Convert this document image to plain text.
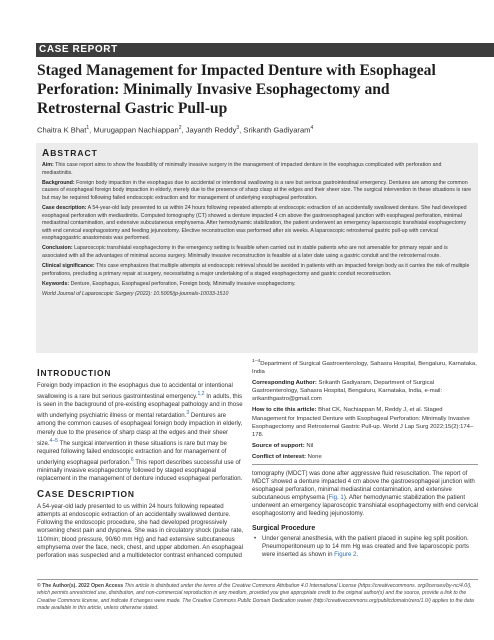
CASE REPORT
Staged Management for Impacted Denture with Esophageal
Perforation: Minimally Invasive Esophagectomy and
Retrosternal Gastric Pull-up
Chaitra K Bhat$^1$, Murugappan Nachiappan$^2$, Jayanth Reddy$^3$, Srikanth Gadiyaram$^4$
ABSTRACT

Aim: This case report aims to show the feasibility of minimally invasive surgery in the management of impacted denture in the esophagus complicated with perforation and mediastinitis.

Background: Foreign body impaction in the esophagus due to accidental or intentional swallowing is a rare but serious gastrointestinal emergency. Dentures are among the common causes of esophageal foreign body impaction in elderly, merely due to the presence of sharp clasp at the edges and their sheer size. The surgical intervention in these situations is rare but may be required following failed endoscopic extraction and for management of underlying esophageal perforation.

Case description: A 54-year-old lady presented to us within 24 hours following repeated attempts at endoscopic extraction of an accidentally swallowed denture. She had developed esophageal perforation with mediastinitis. Computed tomography (CT) showed a denture impacted 4 cm above the gastroesophageal junction with esophageal perforation, minimal mediastinal contamination, and extensive subcutaneous emphysema. After hemodynamic stabilization, the patient underwent an emergency laparoscopic transhiatal esophagectomy with end cervical esophagostomy and feeding jejunostomy. Elective reconstruction was performed after six weeks. A laparoscopic retrosternal gastric pull-up with cervical esophagogastric anastomosis was performed.

Conclusion: Laparoscopic transhiatal esophagectomy in the emergency setting is feasible when carried out in stable patients who are not amenable for primary repair and is associated with all the advantages of minimal access surgery. Minimally invasive reconstruction is feasible at a later date using a gastric conduit and the retrosternal route.

Clinical significance: This case emphasizes that multiple attempts at endoscopic retrieval should be avoided in patients with an impacted foreign body as it carries the risk of multiple perforations, precluding a primary repair at surgery, necessitating a major undertaking of a staged esophagectomy and gastric conduit reconstruction.

Keywords: Denture, Esophagus, Esophageal perforation, Foreign body, Minimally invasive esophagectomy.

World Journal of Laparoscopic Surgery (2022): 10.5005/jp-journals-10033-1510

INTRODUCTION

Foreign body impaction in the esophagus due to accidental or intentional swallowing is a rare but serious gastrointestinal emergency.$^{1,2}$ In adults, this is seen in the background of pre-existing esophageal pathology and in those with underlying psychiatric illness or mental retardation.$^3$ Dentures are among the common causes of esophageal foreign body impaction in elderly, merely due to the presence of sharp clasp at the edges and their sheer size.$^{4-5}$ The surgical intervention in these situations is rare but may be required following failed endoscopic extraction and for management of underlying esophageal perforation.$^6$ This report describes successful use of minimally invasive esophagectomy followed by staged esophageal replacement in the management of denture induced esophageal perforation.

CASE DESCRIPTION

A 54-year-old lady presented to us within 24 hours following repeated attempts at endoscopic extraction of an accidentally swallowed denture. Following the endoscopic procedure, she had developed progressively worsening chest pain and dyspnea. She was in circulatory shock (pulse rate, 110/min; blood pressure, 90/60 mm Hg) and had extensive subcutaneous emphysema over the face, neck, chest, and upper abdomen. An esophageal perforation was suspected and a multidetector contrast enhanced computed

$^{1-4}$Department of Surgical Gastroenterology, Sahasra Hospital, Bengaluru, Karnataka, India

Corresponding Author: Srikanth Gadiyaram, Department of Surgical Gastroenterology, Sahasra Hospital, Bengaluru, Karnataka, India, e-mail: srikanthgastro@gmail.com

How to cite this article: Bhat CK, Nachiappan M, Reddy J, et al. Staged Management for Impacted Denture with Esophageal Perforation: Minimally Invasive Esophagectomy and Retrosternal Gastric Pull-up. World J Lap Surg 2022;15(2):174–178.

Source of support: Nil

Conflict of interest: None

tomography (MDCT) was done after aggressive fluid resuscitation. The report of MDCT showed a denture impacted 4 cm above the gastroesophageal junction with esophageal perforation, minimal mediastinal contamination, and extensive subcutaneous emphysema (Fig. 1). After hemodynamic stabilization the patient underwent an emergency laparoscopic transhiatal esophagectomy with end cervical esophagostomy and feeding jejunostomy.

Surgical Procedure

• Under general anesthesia, with the patient placed in supine leg split position. Pneumoperitoneum up to 14 mm Hg was created and five laparoscopic ports were inserted as shown in Figure 2.

© The Author(s). 2022 Open Access This article is distributed under the terms of the Creative Commons Attribution 4.0 International License (https://creativecommons. org/licenses/by-nc/4.0/), which permits unrestricted use, distribution, and non-commercial reproduction in any medium, provided you give appropriate credit to the original author(s) and the source, provide a link to the Creative Commons license, and indicate if changes were made. The Creative Commons Public Domain Dedication waiver (http://creativecommons.org/publicdomain/zero/1.0/) applies to the data made available in this article, unless otherwise stated.
